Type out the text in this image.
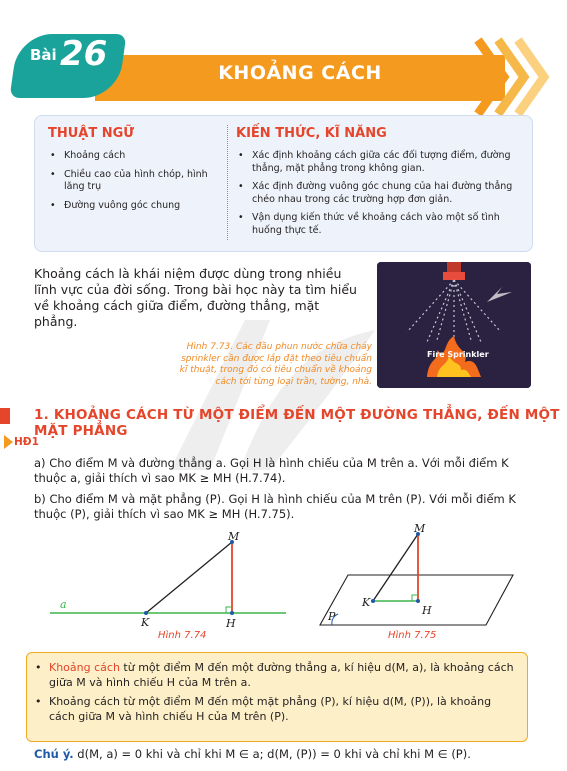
Bài 26	KHOẢNG CÁCH
THUẬT NGỮ
• Khoảng cách
• Chiều cao của hình chóp, hình lăng trụ
• Đường vuông góc chung
KIẾN THỨC, KĨ NĂNG
• Xác định khoảng cách giữa các đối tượng điểm, đường thẳng, mặt phẳng trong không gian.
• Xác định đường vuông góc chung của hai đường thẳng chéo nhau trong các trường hợp đơn giản.
• Vận dụng kiến thức về khoảng cách vào một số tình huống thực tế.
Khoảng cách là khái niệm được dùng trong nhiều lĩnh vực của đời sống. Trong bài học này ta tìm hiểu về khoảng cách giữa điểm, đường thẳng, mặt phẳng.
Fire Sprinkler
Hình 7.73. Các đầu phun nước chữa cháy sprinkler cần được lắp đặt theo tiêu chuẩn kĩ thuật, trong đó có tiêu chuẩn về khoảng cách tới từng loại trần, tường, nhà.
1. KHOẢNG CÁCH TỪ MỘT ĐIỂM ĐẾN MỘT ĐƯỜNG THẲNG, ĐẾN MỘT MẶT PHẲNG
HĐ1
a) Cho điểm M và đường thẳng a. Gọi H là hình chiếu của M trên a. Với mỗi điểm K thuộc a, giải thích vì sao MK ≥ MH (H.7.74).
b) Cho điểm M và mặt phẳng (P). Gọi H là hình chiếu của M trên (P). Với mỗi điểm K thuộc (P), giải thích vì sao MK ≥ MH (H.7.75).
M
K	H
a
Hình 7.74
M
K
H
P
Hình 7.75
• Khoảng cách từ một điểm M đến một đường thẳng a, kí hiệu d(M, a), là khoảng cách giữa M và hình chiếu H của M trên a.
• Khoảng cách từ một điểm M đến một mặt phẳng (P), kí hiệu d(M, (P)), là khoảng cách giữa M và hình chiếu H của M trên (P).
Chú ý. d(M, a) = 0 khi và chỉ khi M ∈ a; d(M, (P)) = 0 khi và chỉ khi M ∈ (P).
